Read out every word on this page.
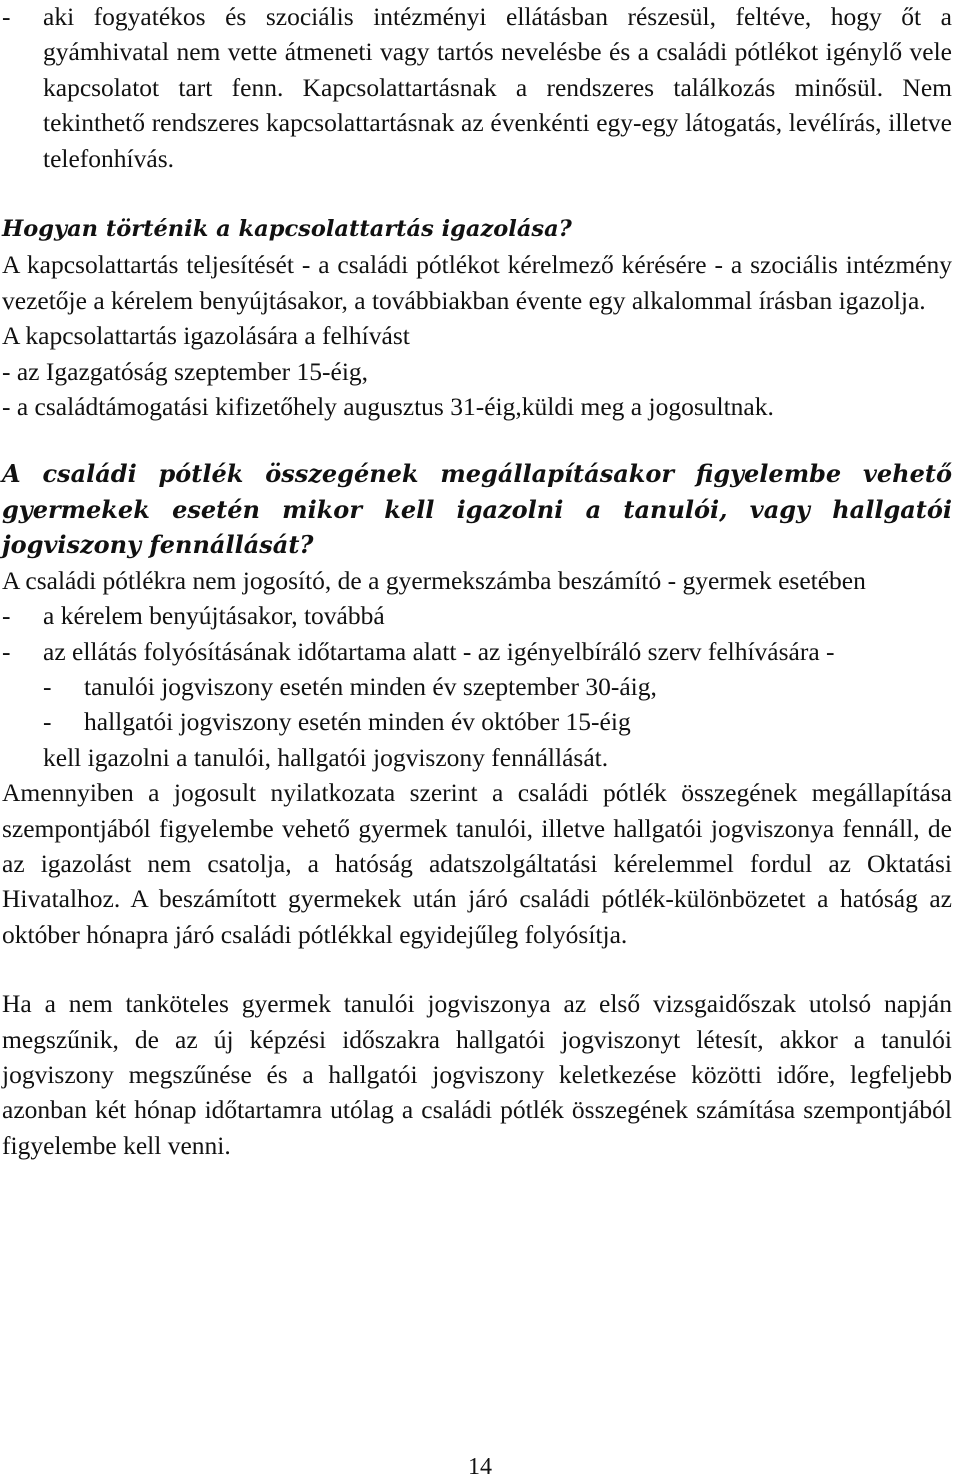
-	aki fogyatékos és szociális intézményi ellátásban részesül, feltéve, hogy őt a gyámhivatal nem vette átmeneti vagy tartós nevelésbe és a családi pótlékot igénylő vele kapcsolatot tart fenn. Kapcsolattartásnak a rendszeres találkozás minősül. Nem tekinthető rendszeres kapcsolattartásnak az évenkénti egy-egy látogatás, levélírás, illetve telefonhívás.

Hogyan történik a kapcsolattartás igazolása?

A kapcsolattartás teljesítését - a családi pótlékot kérelmező kérésére - a szociális intézmény vezetője a kérelem benyújtásakor, a továbbiakban évente egy alkalommal írásban igazolja.

A kapcsolattartás igazolására a felhívást

- az Igazgatóság szeptember 15-éig,

- a családtámogatási kifizetőhely augusztus 31-éig,küldi meg a jogosultnak.

A családi pótlék összegének megállapításakor figyelembe vehető gyermekek esetén mikor kell igazolni a tanulói, vagy hallgatói jogviszony fennállását?

A családi pótlékra nem jogosító, de a gyermekszámba beszámító - gyermek esetében

-	a kérelem benyújtásakor, továbbá

-	az ellátás folyósításának időtartama alatt - az igényelbíráló szerv felhívására -

-	tanulói jogviszony esetén minden év szeptember 30-áig,

-	hallgatói jogviszony esetén minden év október 15-éig

kell igazolni a tanulói, hallgatói jogviszony fennállását.

Amennyiben a jogosult nyilatkozata szerint a családi pótlék összegének megállapítása szempontjából figyelembe vehető gyermek tanulói, illetve hallgatói jogviszonya fennáll, de az igazolást nem csatolja, a hatóság adatszolgáltatási kérelemmel fordul az Oktatási Hivatalhoz. A beszámított gyermekek után járó családi pótlék-különbözetet a hatóság az október hónapra járó családi pótlékkal egyidejűleg folyósítja.

Ha a nem tanköteles gyermek tanulói jogviszonya az első vizsgaidőszak utolsó napján megszűnik, de az új képzési időszakra hallgatói jogviszonyt létesít, akkor a tanulói jogviszony megszűnése és a hallgatói jogviszony keletkezése közötti időre, legfeljebb azonban két hónap időtartamra utólag a családi pótlék összegének számítása szempontjából figyelembe kell venni.

14
